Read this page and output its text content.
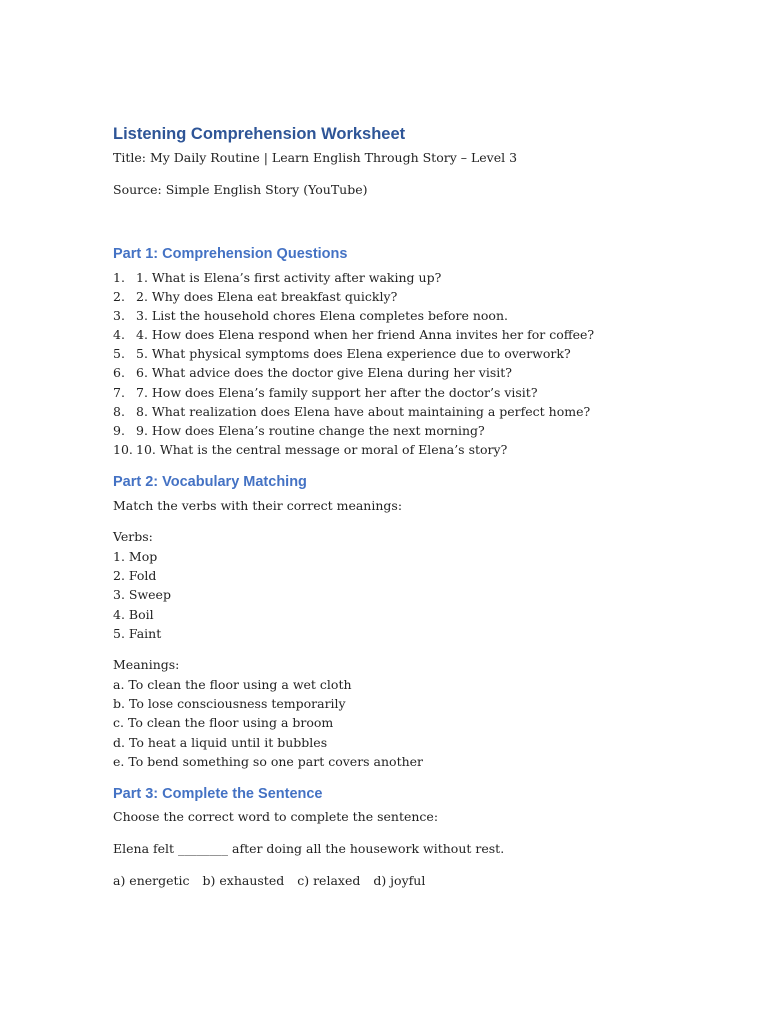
Listening Comprehension Worksheet
Title: My Daily Routine | Learn English Through Story – Level 3
Source: Simple English Story (YouTube)
Part 1: Comprehension Questions
1. 1. What is Elena’s first activity after waking up?
2. 2. Why does Elena eat breakfast quickly?
3. 3. List the household chores Elena completes before noon.
4. 4. How does Elena respond when her friend Anna invites her for coffee?
5. 5. What physical symptoms does Elena experience due to overwork?
6. 6. What advice does the doctor give Elena during her visit?
7. 7. How does Elena’s family support her after the doctor’s visit?
8. 8. What realization does Elena have about maintaining a perfect home?
9. 9. How does Elena’s routine change the next morning?
10. 10. What is the central message or moral of Elena’s story?
Part 2: Vocabulary Matching
Match the verbs with their correct meanings:
Verbs:
1. Mop
2. Fold
3. Sweep
4. Boil
5. Faint
Meanings:
a. To clean the floor using a wet cloth
b. To lose consciousness temporarily
c. To clean the floor using a broom
d. To heat a liquid until it bubbles
e. To bend something so one part covers another
Part 3: Complete the Sentence
Choose the correct word to complete the sentence:
Elena felt ________ after doing all the housework without rest.
a) energetic b) exhausted c) relaxed d) joyful
